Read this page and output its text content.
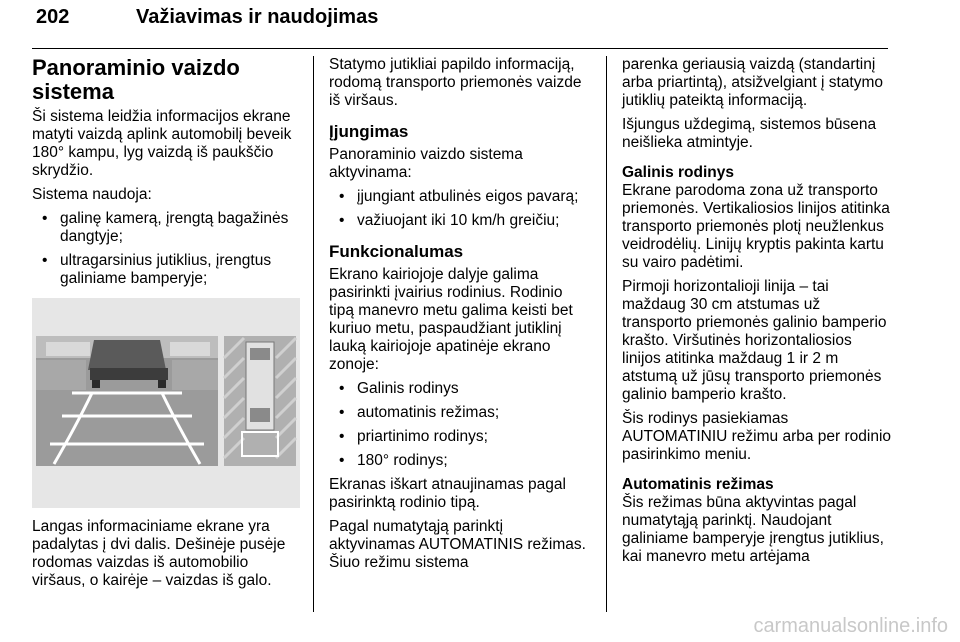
202	Važiavimas ir naudojimas
Panoraminio vaizdo sistema

Ši sistema leidžia informacijos ekrane matyti vaizdą aplink automobilį beveik 180° kampu, lyg vaizdą iš paukščio skrydžio.

Sistema naudoja:

• galinę kamerą, įrengtą bagažinės dangtyje;
• ultragarsinius jutiklius, įrengtus galiniame bamperyje;

Langas informaciniame ekrane yra padalytas į dvi dalis. Dešinėje pusėje rodomas vaizdas iš automobilio viršaus, o kairėje – vaizdas iš galo.

Statymo jutikliai papildo informaciją, rodomą transporto priemonės vaizde iš viršaus.

Įjungimas

Panoraminio vaizdo sistema aktyvinama:

• įjungiant atbulinės eigos pavarą;
• važiuojant iki 10 km/h greičiu;
Funkcionalumas

Ekrano kairiojoje dalyje galima pasirinkti įvairius rodinius. Rodinio tipą manevro metu galima keisti bet kuriuo metu, paspaudžiant jutiklinį lauką kairiojoje apatinėje ekrano zonoje:

• Galinis rodinys
• automatinis režimas;
• priartinimo rodinys;
• 180° rodinys;

Ekranas iškart atnaujinamas pagal pasirinktą rodinio tipą.

Pagal numatytąją parinktį aktyvinamas AUTOMATINIS režimas. Šiuo režimu sistema

parenka geriausią vaizdą (standartinį arba priartintą), atsižvelgiant į statymo jutiklių pateiktą informaciją.

Išjungus uždegimą, sistemos būsena neišlieka atmintyje.

Galinis rodinys

Ekrane parodoma zona už transporto priemonės. Vertikaliosios linijos atitinka transporto priemonės plotį neužlenkus veidrodėlių. Linijų kryptis pakinta kartu su vairo padėtimi.

Pirmoji horizontalioji linija – tai maždaug 30 cm atstumas už transporto priemonės galinio bamperio krašto. Viršutinės horizontaliosios linijos atitinka maždaug 1 ir 2 m atstumą už jūsų transporto priemonės galinio bamperio krašto.

Šis rodinys pasiekiamas AUTOMATINIU režimu arba per rodinio pasirinkimo meniu.

Automatinis režimas

Šis režimas būna aktyvintas pagal numatytąją parinktį. Naudojant galiniame bamperyje įrengtus jutiklius, kai manevro metu artėjama

carmanualsonline.info
